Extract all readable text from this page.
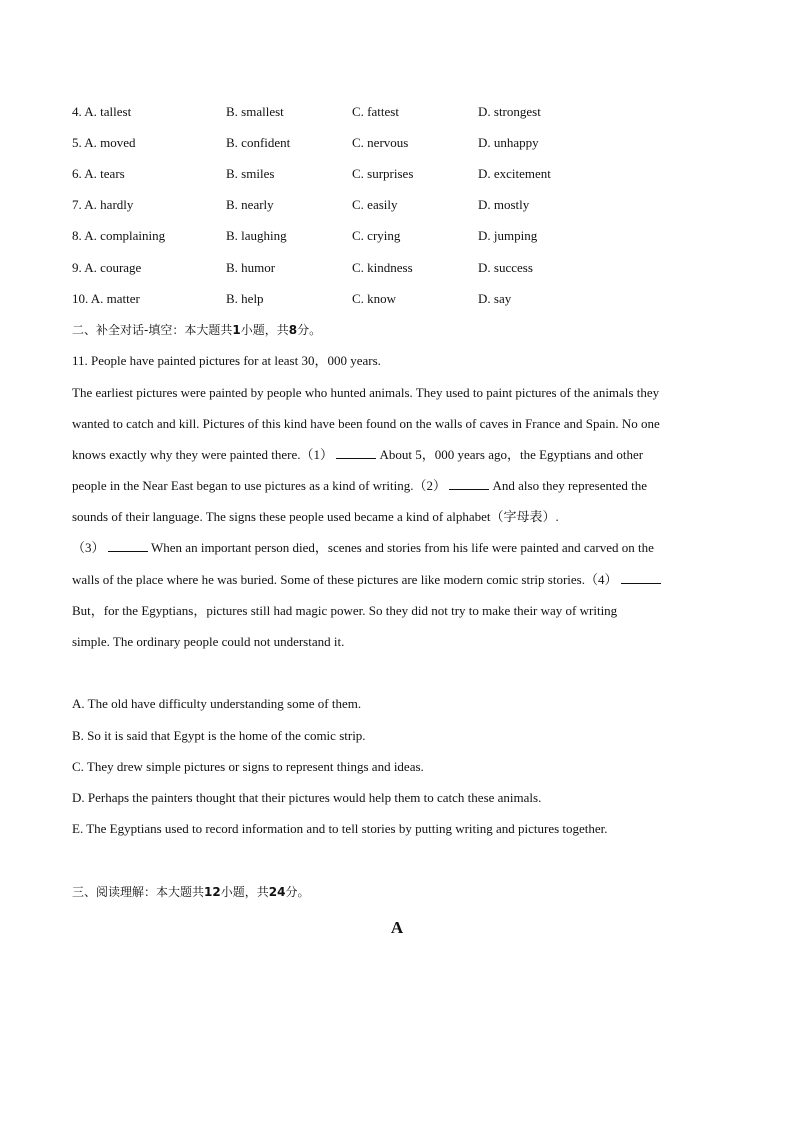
4. A. tallest	B. smallest	C. fattest	D. strongest
5. A. moved	B. confident	C. nervous	D. unhappy
6. A. tears	B. smiles	C. surprises	D. excitement
7. A. hardly	B. nearly	C. easily	D. mostly
8. A. complaining	B. laughing	C. crying	D. jumping
9. A. courage	B. humor	C. kindness	D. success
10. A. matter	B. help	C. know	D. say
二、补全对话-填空：本大题共1小题，共8分。
11. People have painted pictures for at least 30，000 years.
The earliest pictures were painted by people who hunted animals. They used to paint pictures of the animals they
wanted to catch and kill. Pictures of this kind have been found on the walls of caves in France and Spain. No one
knows exactly why they were painted there.（1）	About 5，000 years ago，the Egyptians and other
people in the Near East began to use pictures as a kind of writing.（2）	And also they represented the
sounds of their language. The signs these people used became a kind of alphabet（字母表）.
（3）	When an important person died，scenes and stories from his life were painted and carved on the
walls of the place where he was buried. Some of these pictures are like modern comic strip stories.（4）
But，for the Egyptians，pictures still had magic power. So they did not try to make their way of writing
simple. The ordinary people could not understand it.
A. The old have difficulty understanding some of them.
B. So it is said that Egypt is the home of the comic strip.
C. They drew simple pictures or signs to represent things and ideas.
D. Perhaps the painters thought that their pictures would help them to catch these animals.
E. The Egyptians used to record information and to tell stories by putting writing and pictures together.
三、阅读理解：本大题共12小题，共24分。
A
